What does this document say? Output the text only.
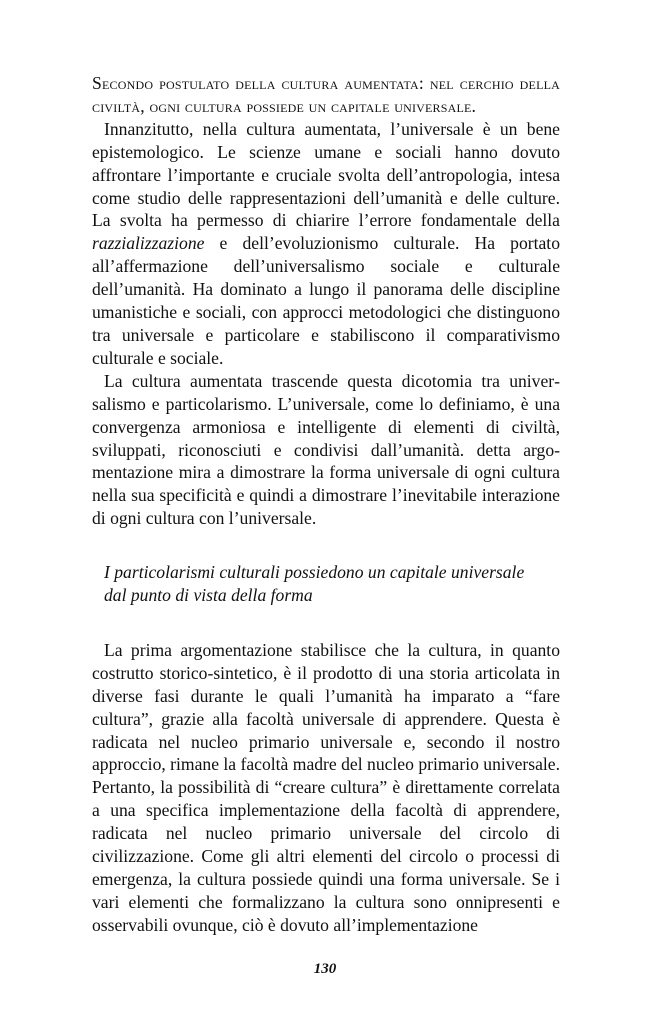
Secondo postulato della cultura aumentata: nel cerchio della civiltà, ogni cultura possiede un capitale universale.

Innanzitutto, nella cultura aumentata, l’universale è un bene epistemologico. Le scienze umane e sociali hanno dovuto affrontare l’importante e cruciale svolta dell’antropologia, intesa come studio delle rappresentazioni dell’umanità e delle culture. La svolta ha permesso di chiarire l’errore fondamentale della razzializzazione e dell’evoluzionismo culturale. Ha portato all’affermazione dell’universalismo sociale e culturale dell’umanità. Ha dominato a lungo il panorama delle discipline umanistiche e sociali, con approcci metodologici che distinguono tra universale e particolare e stabiliscono il comparativismo culturale e sociale.

La cultura aumentata trascende questa dicotomia tra universalismo e particolarismo. L’universale, come lo definiamo, è una convergenza armoniosa e intelligente di elementi di civiltà, sviluppati, riconosciuti e condivisi dall’umanità. detta argomentazione mira a dimostrare la forma universale di ogni cultura nella sua specificità e quindi a dimostrare l’inevitabile interazione di ogni cultura con l’universale.

I particolarismi culturali possiedono un capitale universale
dal punto di vista della forma

La prima argomentazione stabilisce che la cultura, in quanto costrutto storico-sintetico, è il prodotto di una storia articolata in diverse fasi durante le quali l’umanità ha imparato a “fare cultura”, grazie alla facoltà universale di apprendere. Questa è radicata nel nucleo primario universale e, secondo il nostro approccio, rimane la facoltà madre del nucleo primario universale. Pertanto, la possibilità di “creare cultura” è direttamente correlata a una specifica implementazione della facoltà di apprendere, radicata nel nucleo primario universale del circolo di civilizzazione. Come gli altri elementi del circolo o processi di emergenza, la cultura possiede quindi una forma universale. Se i vari elementi che formalizzano la cultura sono onnipresenti e osservabili ovunque, ciò è dovuto all’implementazione

130
